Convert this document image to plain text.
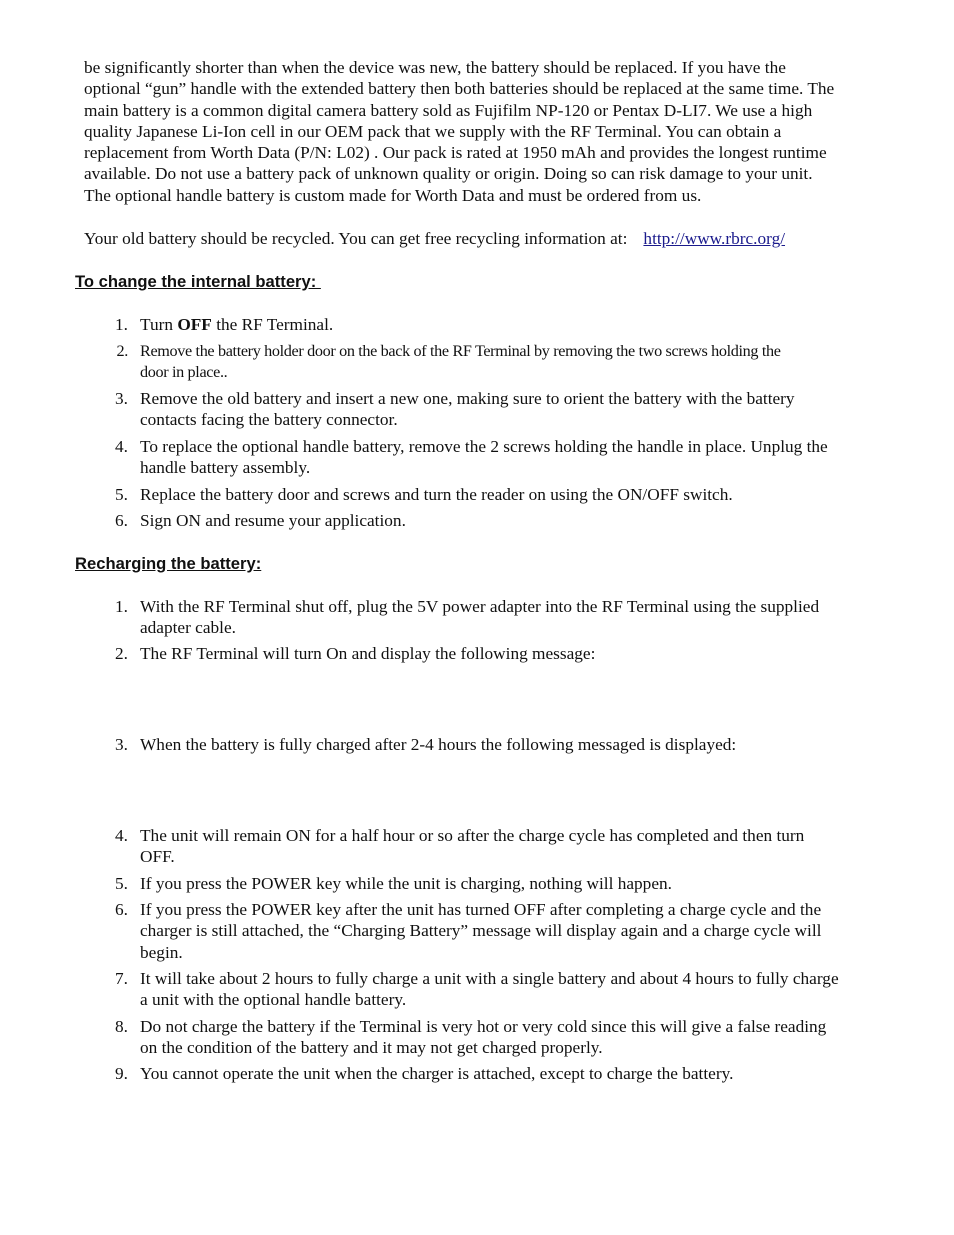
be significantly shorter than when the device was new, the battery should be replaced. If you have the
optional “gun” handle with the extended battery then both batteries should be replaced at the same time. The
main battery is a common digital camera battery sold as Fujifilm NP-120 or Pentax D-LI7. We use a high
quality Japanese Li-Ion cell in our OEM pack that we supply with the RF Terminal. You can obtain a
replacement from Worth Data (P/N: L02) . Our pack is rated at 1950 mAh and provides the longest runtime
available. Do not use a battery pack of unknown quality or origin. Doing so can risk damage to your unit.
The optional handle battery is custom made for Worth Data and must be ordered from us.
Your old battery should be recycled. You can get free recycling information at: http://www.rbrc.org/
To change the internal battery:
1. Turn OFF the RF Terminal.
2. Remove the battery holder door on the back of the RF Terminal by removing the two screws holding the
door in place..
3. Remove the old battery and insert a new one, making sure to orient the battery with the battery
contacts facing the battery connector.
4. To replace the optional handle battery, remove the 2 screws holding the handle in place. Unplug the
handle battery assembly.
5. Replace the battery door and screws and turn the reader on using the ON/OFF switch.
6. Sign ON and resume your application.
Recharging the battery:
1. With the RF Terminal shut off, plug the 5V power adapter into the RF Terminal using the supplied
adapter cable.
2. The RF Terminal will turn On and display the following message:
3. When the battery is fully charged after 2-4 hours the following messaged is displayed:
4. The unit will remain ON for a half hour or so after the charge cycle has completed and then turn
OFF.
5. If you press the POWER key while the unit is charging, nothing will happen.
6. If you press the POWER key after the unit has turned OFF after completing a charge cycle and the
charger is still attached, the “Charging Battery” message will display again and a charge cycle will
begin.
7. It will take about 2 hours to fully charge a unit with a single battery and about 4 hours to fully charge
a unit with the optional handle battery.
8. Do not charge the battery if the Terminal is very hot or very cold since this will give a false reading
on the condition of the battery and it may not get charged properly.
9. You cannot operate the unit when the charger is attached, except to charge the battery.
